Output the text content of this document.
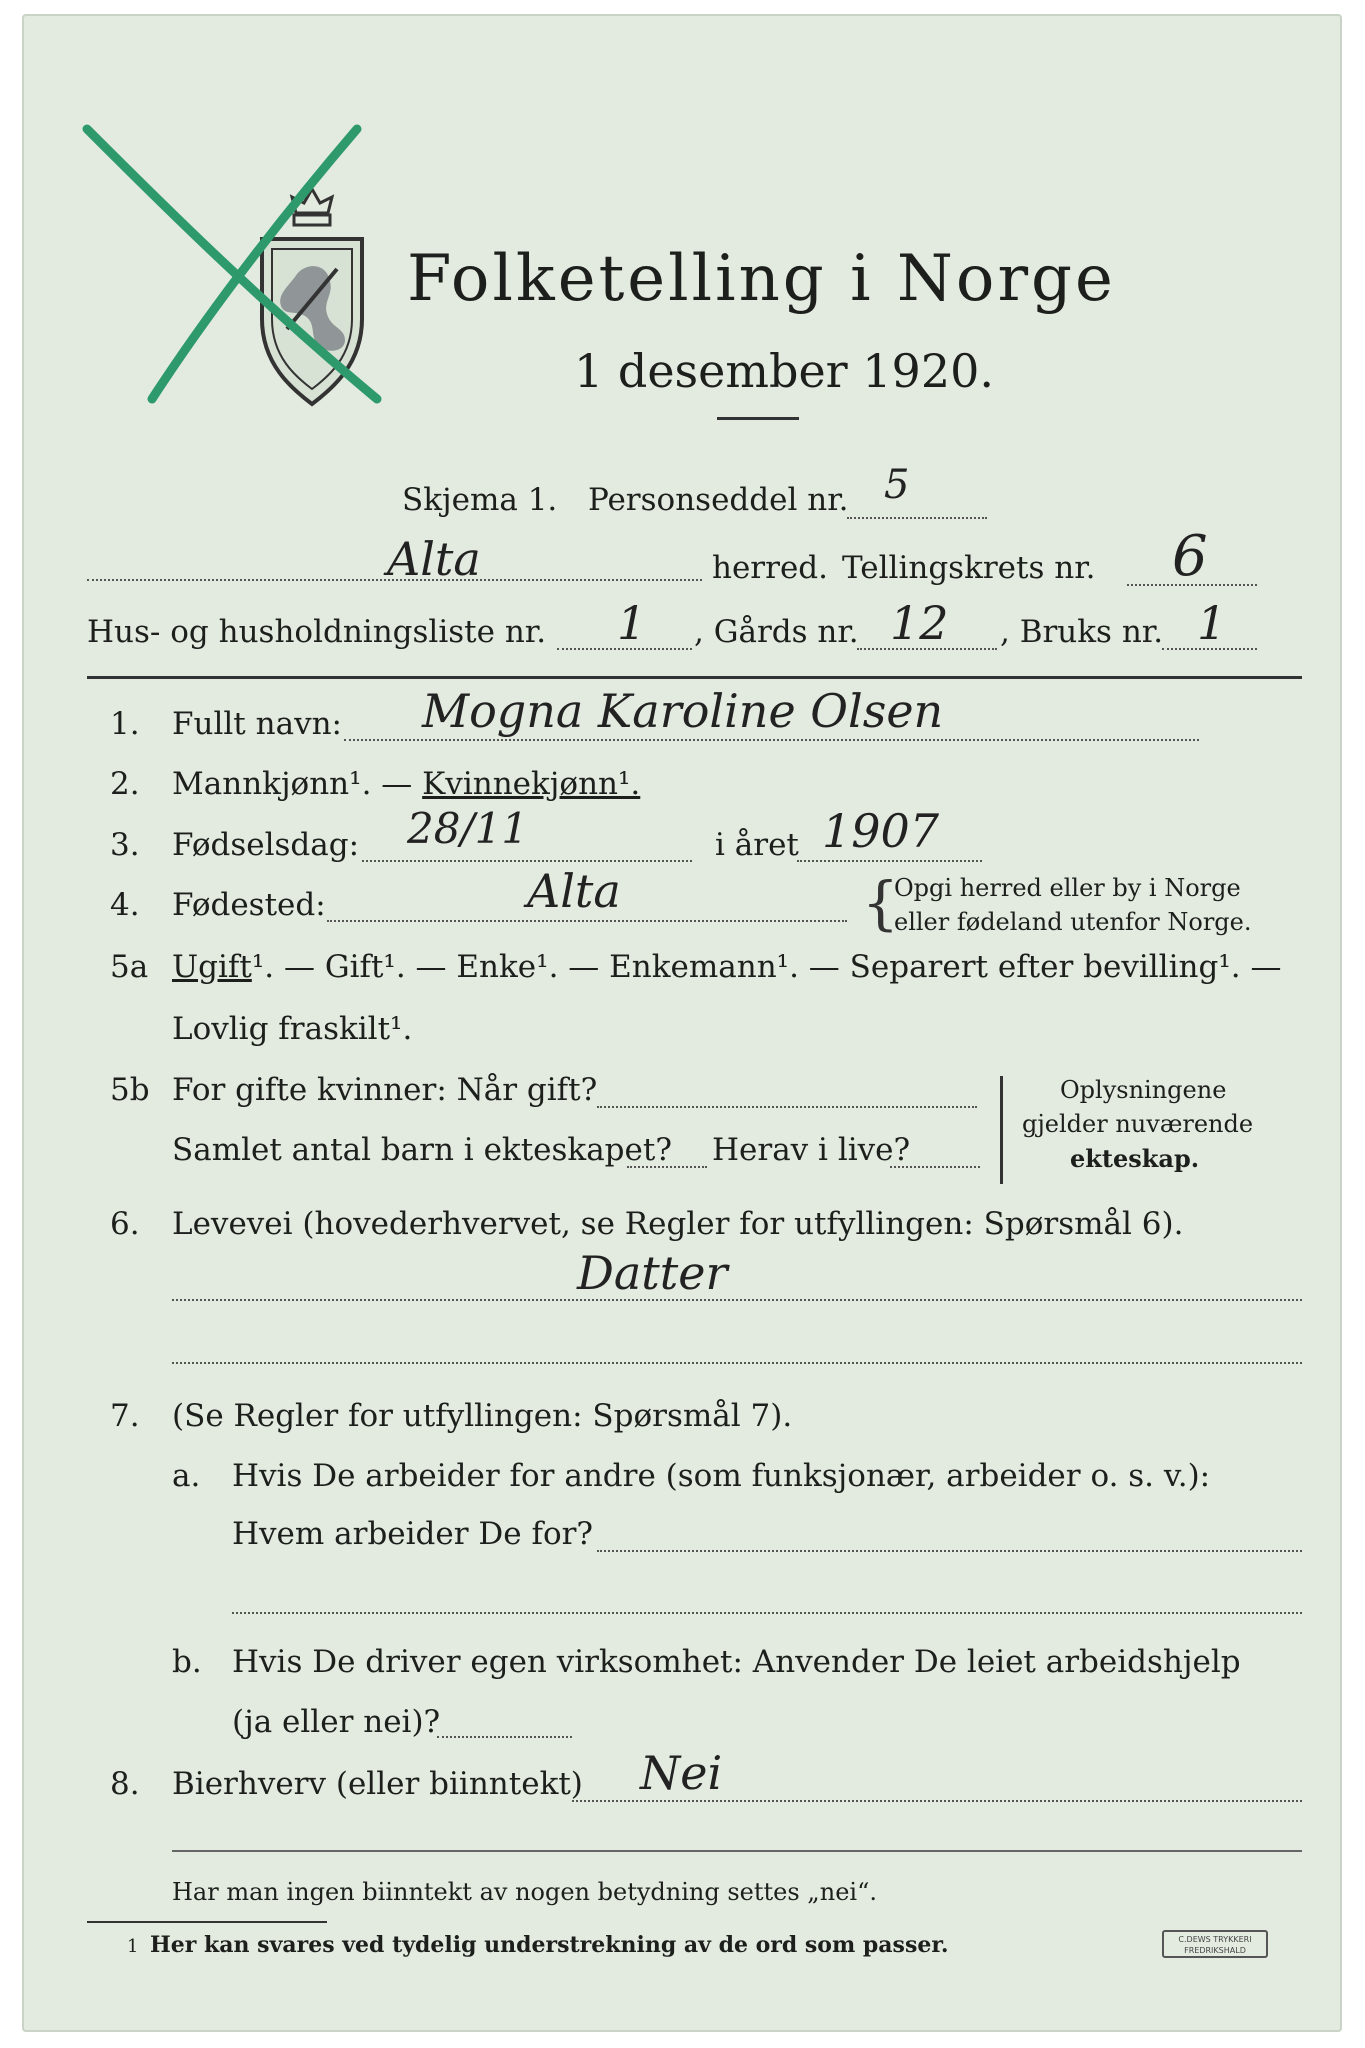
Folketelling i Norge
1 desember 1920.
Skjema 1. Personseddel nr. 5
Alta	herred. Tellingskrets nr. 6
Hus- og husholdningsliste nr. 1 , Gårds nr. 12 , Bruks nr. 1
1. Fullt navn: Mogna Karoline Olsen
2. Mannkjønn¹. — Kvinnekjønn¹.
3. Fødselsdag: 28/11	i året 1907
4. Fødested:	Alta	{
Opgi herred eller by i Norge
eller fødeland utenfor Norge.
5a Ugift¹. — Gift¹. — Enke¹. — Enkemann¹. — Separert efter bevilling¹. —
Lovlig fraskilt¹.
5b For gifte kvinner: Når gift?
Samlet antal barn i ekteskapet? Herav i live?
Oplysningene
gjelder nuværende
ekteskap.
6. Levevei (hovederhvervet, se Regler for utfyllingen: Spørsmål 6).
Datter
7. (Se Regler for utfyllingen: Spørsmål 7).
a. Hvis De arbeider for andre (som funksjonær, arbeider o. s. v.):
Hvem arbeider De for?
b. Hvis De driver egen virksomhet: Anvender De leiet arbeidshjelp
(ja eller nei)?
8. Bierhverv (eller biinntekt) Nei
Har man ingen biinntekt av nogen betydning settes „nei“.
1 Her kan svares ved tydelig understrekning av de ord som passer.	C.DEWS TRYKKERI FREDRIKSHALD
